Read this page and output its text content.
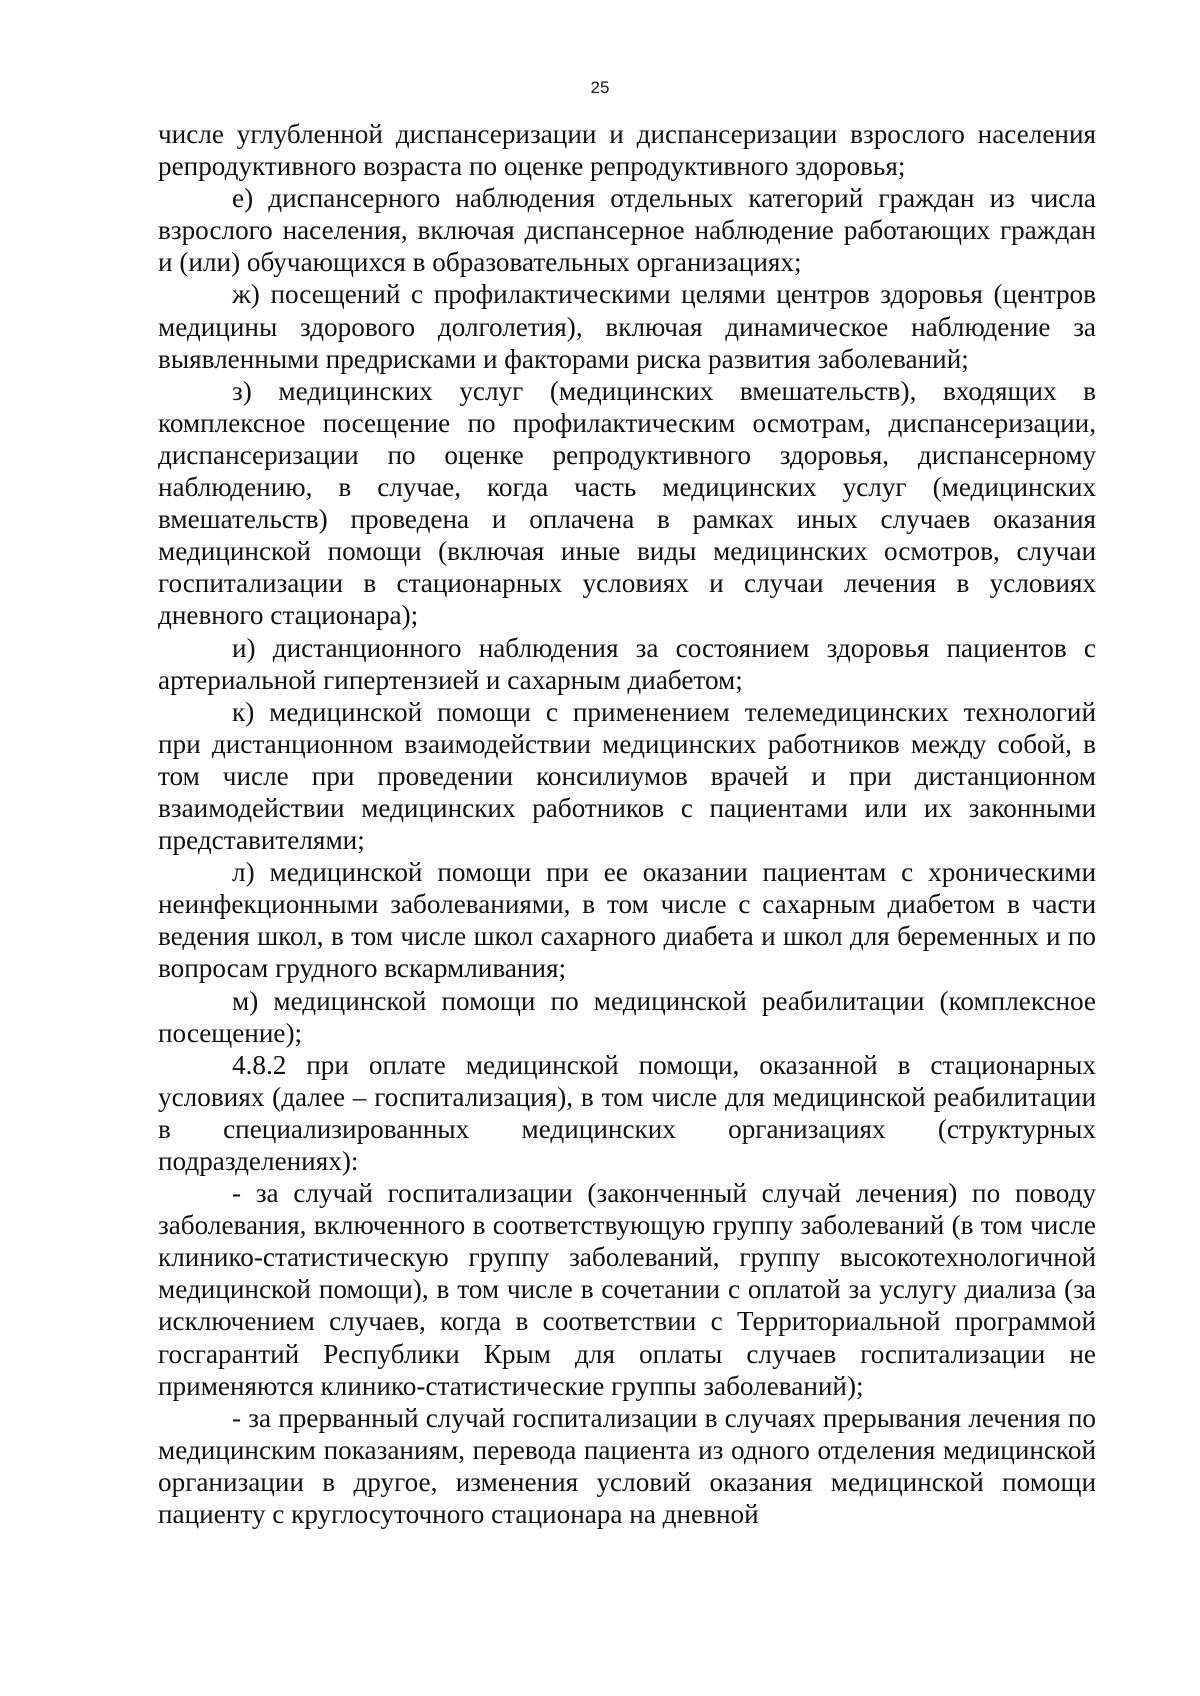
25

числе углубленной диспансеризации и диспансеризации взрослого населения репродуктивного возраста по оценке репродуктивного здоровья;

е) диспансерного наблюдения отдельных категорий граждан из числа взрослого населения, включая диспансерное наблюдение работающих граждан и (или) обучающихся в образовательных организациях;

ж) посещений с профилактическими целями центров здоровья (центров медицины здорового долголетия), включая динамическое наблюдение за выявленными предрисками и факторами риска развития заболеваний;

з) медицинских услуг (медицинских вмешательств), входящих в комплексное посещение по профилактическим осмотрам, диспансеризации, диспансеризации по оценке репродуктивного здоровья, диспансерному наблюдению, в случае, когда часть медицинских услуг (медицинских вмешательств) проведена и оплачена в рамках иных случаев оказания медицинской помощи (включая иные виды медицинских осмотров, случаи госпитализации в стационарных условиях и случаи лечения в условиях дневного стационара);

и) дистанционного наблюдения за состоянием здоровья пациентов с артериальной гипертензией и сахарным диабетом;

к) медицинской помощи с применением телемедицинских технологий при дистанционном взаимодействии медицинских работников между собой, в том числе при проведении консилиумов врачей и при дистанционном взаимодействии медицинских работников с пациентами или их законными представителями;

л) медицинской помощи при ее оказании пациентам с хроническими неинфекционными заболеваниями, в том числе с сахарным диабетом в части ведения школ, в том числе школ сахарного диабета и школ для беременных и по вопросам грудного вскармливания;

м) медицинской помощи по медицинской реабилитации (комплексное посещение);

4.8.2 при оплате медицинской помощи, оказанной в стационарных условиях (далее – госпитализация), в том числе для медицинской реабилитации в специализированных медицинских организациях (структурных подразделениях):

- за случай госпитализации (законченный случай лечения) по поводу заболевания, включенного в соответствующую группу заболеваний (в том числе клинико-статистическую группу заболеваний, группу высокотехнологичной медицинской помощи), в том числе в сочетании с оплатой за услугу диализа (за исключением случаев, когда в соответствии с Территориальной программой госгарантий Республики Крым для оплаты случаев госпитализации не применяются клинико-статистические группы заболеваний);

- за прерванный случай госпитализации в случаях прерывания лечения по медицинским показаниям, перевода пациента из одного отделения медицинской организации в другое, изменения условий оказания медицинской помощи пациенту с круглосуточного стационара на дневной
